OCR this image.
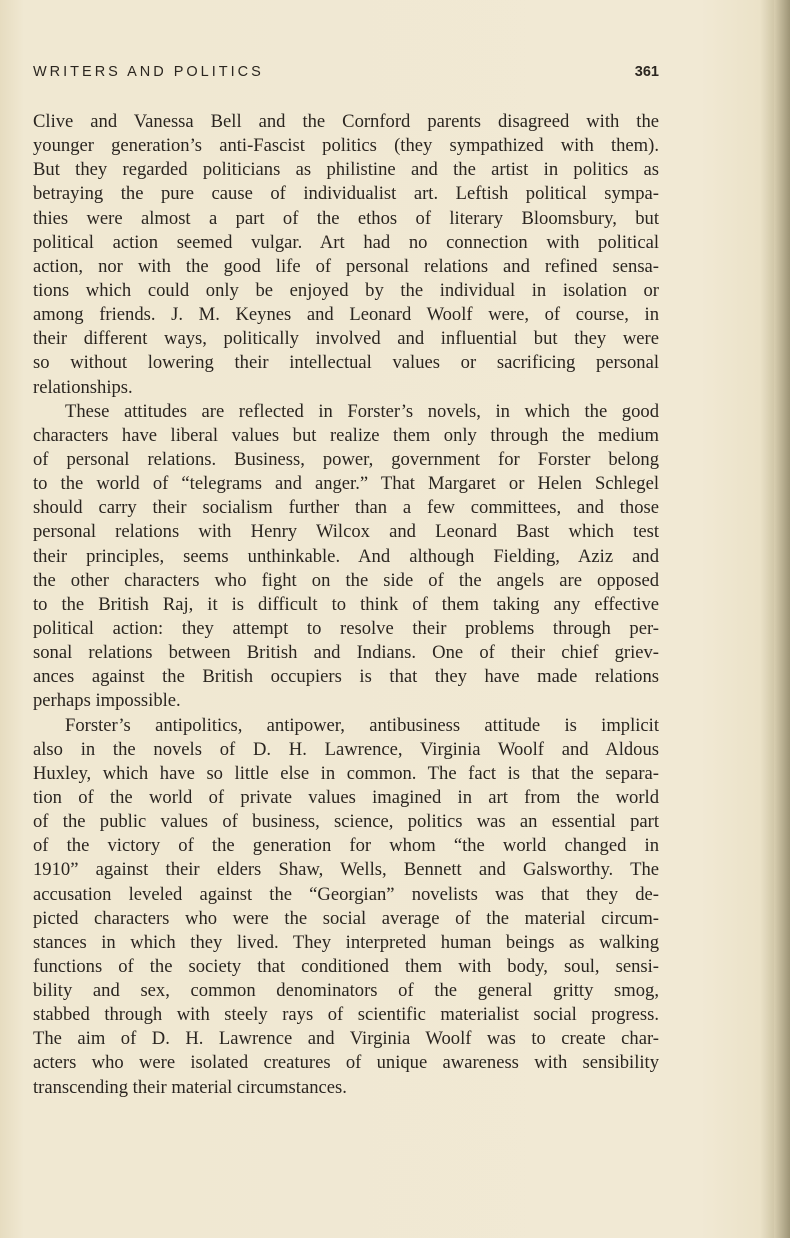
WRITERS AND POLITICS	361
Clive and Vanessa Bell and the Cornford parents disagreed with the
younger generation’s anti-Fascist politics (they sympathized with them).
But they regarded politicians as philistine and the artist in politics as
betraying the pure cause of individualist art. Leftish political sympa-
thies were almost a part of the ethos of literary Bloomsbury, but
political action seemed vulgar. Art had no connection with political
action, nor with the good life of personal relations and refined sensa-
tions which could only be enjoyed by the individual in isolation or
among friends. J. M. Keynes and Leonard Woolf were, of course, in
their different ways, politically involved and influential but they were
so without lowering their intellectual values or sacrificing personal
relationships.
These attitudes are reflected in Forster’s novels, in which the good
characters have liberal values but realize them only through the medium
of personal relations. Business, power, government for Forster belong
to the world of “telegrams and anger.” That Margaret or Helen Schlegel
should carry their socialism further than a few committees, and those
personal relations with Henry Wilcox and Leonard Bast which test
their principles, seems unthinkable. And although Fielding, Aziz and
the other characters who fight on the side of the angels are opposed
to the British Raj, it is difficult to think of them taking any effective
political action: they attempt to resolve their problems through per-
sonal relations between British and Indians. One of their chief griev-
ances against the British occupiers is that they have made relations
perhaps impossible.
Forster’s antipolitics, antipower, antibusiness attitude is implicit
also in the novels of D. H. Lawrence, Virginia Woolf and Aldous
Huxley, which have so little else in common. The fact is that the separa-
tion of the world of private values imagined in art from the world
of the public values of business, science, politics was an essential part
of the victory of the generation for whom “the world changed in
1910” against their elders Shaw, Wells, Bennett and Galsworthy. The
accusation leveled against the “Georgian” novelists was that they de-
picted characters who were the social average of the material circum-
stances in which they lived. They interpreted human beings as walking
functions of the society that conditioned them with body, soul, sensi-
bility and sex, common denominators of the general gritty smog,
stabbed through with steely rays of scientific materialist social progress.
The aim of D. H. Lawrence and Virginia Woolf was to create char-
acters who were isolated creatures of unique awareness with sensibility
transcending their material circumstances.
